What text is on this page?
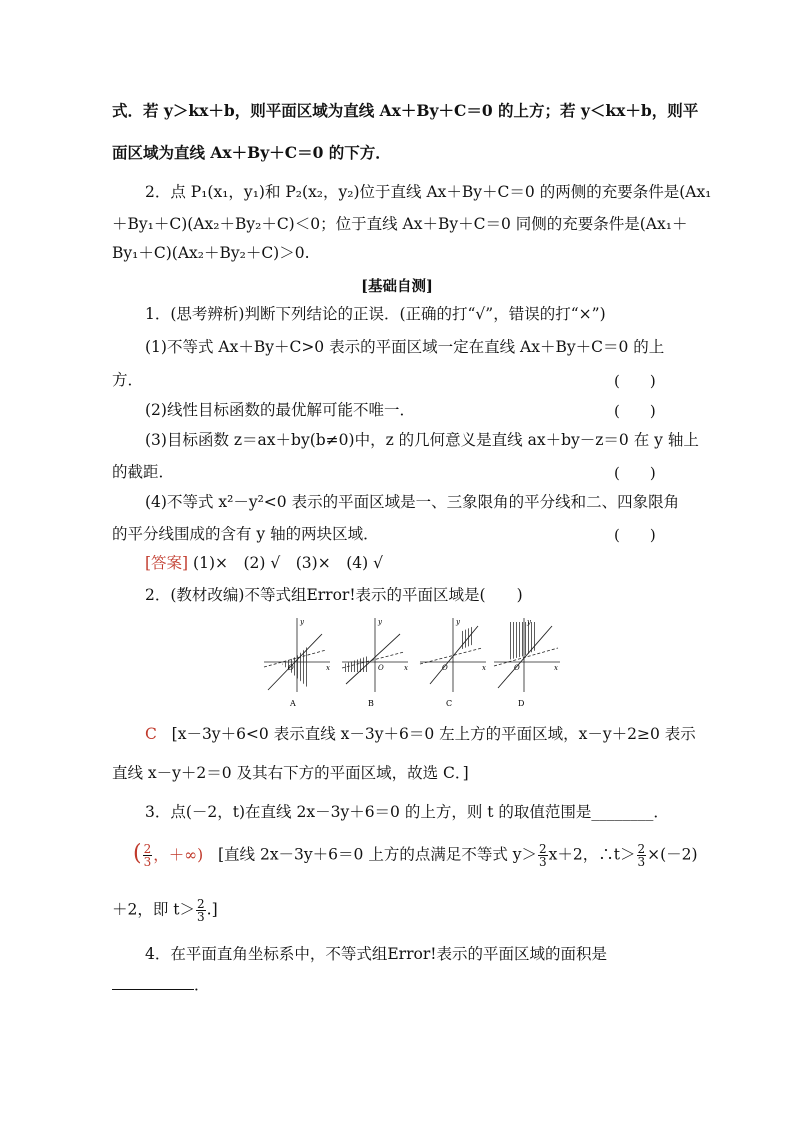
式．若 y＞kx＋b，则平面区域为直线 Ax＋By＋C＝0 的上方；若 y＜kx＋b，则平
面区域为直线 Ax＋By＋C＝0 的下方．
2．点 P₁(x₁，y₁)和 P₂(x₂，y₂)位于直线 Ax＋By＋C＝0 的两侧的充要条件是(Ax₁
＋By₁＋C)(Ax₂＋By₂＋C)＜0；位于直线 Ax＋By＋C＝0 同侧的充要条件是(Ax₁＋
By₁＋C)(Ax₂＋By₂＋C)＞0.
[基础自测]
1．(思考辨析)判断下列结论的正误．(正确的打“√”，错误的打“×”)
(1)不等式 Ax＋By＋C>0 表示的平面区域一定在直线 Ax＋By＋C＝0 的上
方．	(　　)
(2)线性目标函数的最优解可能不唯一．	(　　)
(3)目标函数 z＝ax＋by(b≠0)中，z 的几何意义是直线 ax＋by－z＝0 在 y 轴上
的截距．	(　　)
(4)不等式 x²－y²<0 表示的平面区域是一、三象限角的平分线和二、四象限角
的平分线围成的含有 y 轴的两块区域．	(　　)
[答案] (1)×　(2) √　(3)×　(4) √
2．(教材改编)不等式组Error!表示的平面区域是(　　)
y
x
O
A
y
x
O
B
y
x
O
C
y
x
O
D
C [x－3y＋6<0 表示直线 x－3y＋6＝0 左上方的平面区域，x－y＋2≥0 表示
直线 x－y＋2＝0 及其右下方的平面区域，故选 C．]
3．点(－2，t)在直线 2x－3y＋6＝0 的上方，则 t 的取值范围是________．
( $\frac{2}{3}$ ，＋∞) [直线 2x－3y＋6＝0 上方的点满足不等式 $y> \frac{2}{3} x+2$，∴t＞ $\frac{2}{3} \times(-2)$
＋2，即 $t> \frac{2}{3}$ .]
4．在平面直角坐标系中，不等式组Error!表示的平面区域的面积是
．
